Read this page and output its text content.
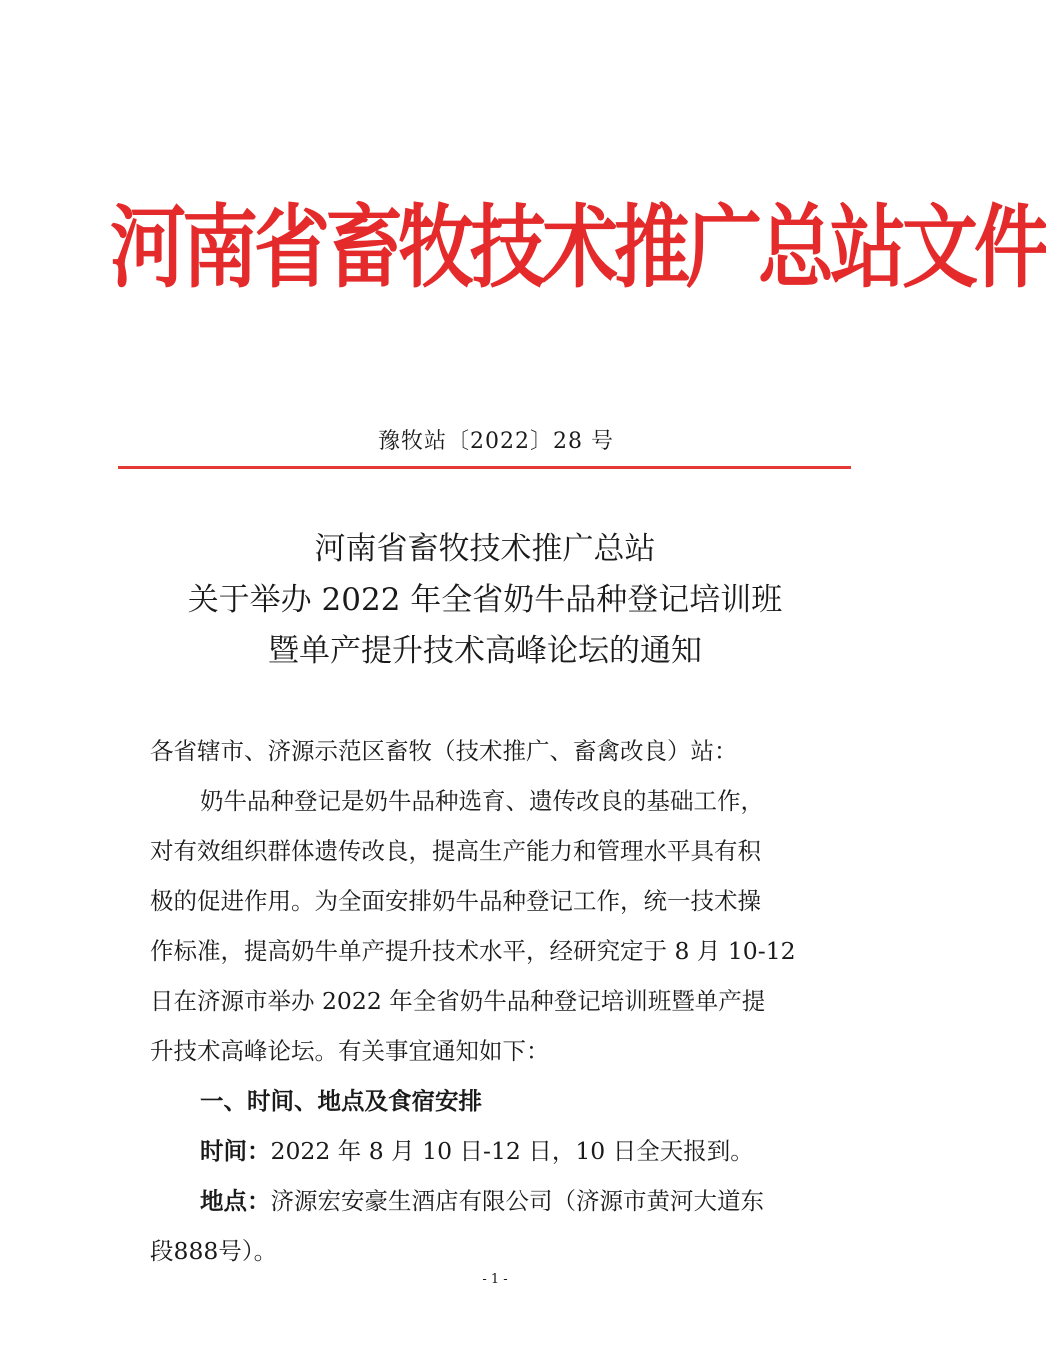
河南省畜牧技术推广总站文件
豫牧站〔2022〕28 号
河南省畜牧技术推广总站
关于举办 2022 年全省奶牛品种登记培训班
暨单产提升技术高峰论坛的通知
各省辖市、济源示范区畜牧（技术推广、畜禽改良）站：
奶牛品种登记是奶牛品种选育、遗传改良的基础工作，
对有效组织群体遗传改良，提高生产能力和管理水平具有积
极的促进作用。为全面安排奶牛品种登记工作，统一技术操
作标准，提高奶牛单产提升技术水平，经研究定于 8 月 10-12
日在济源市举办 2022 年全省奶牛品种登记培训班暨单产提
升技术高峰论坛。有关事宜通知如下：
一、时间、地点及食宿安排
时间：2022 年 8 月 10 日-12 日，10 日全天报到。
地点：济源宏安豪生酒店有限公司（济源市黄河大道东
段888号）。
- 1 -
